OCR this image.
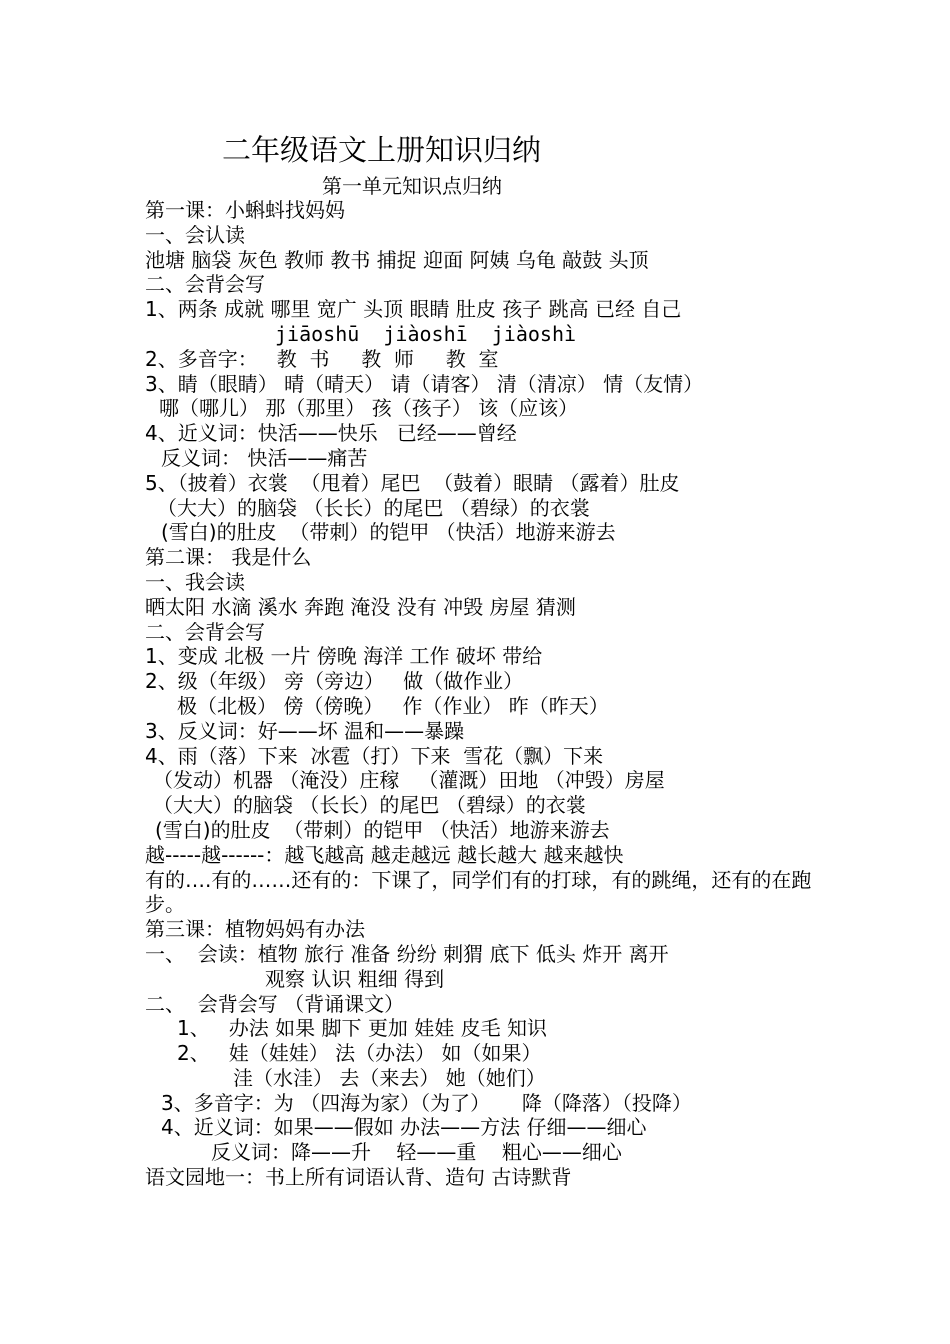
二年级语文上册知识归纳
第一单元知识点归纳
第一课：小蝌蚪找妈妈
一、会认读
池塘 脑袋 灰色 教师 教书 捕捉 迎面 阿姨 乌龟 敲鼓 头顶
二、会背会写
1、两条 成就 哪里 宽广 头顶 眼睛 肚皮 孩子 跳高 已经 自己
jiāoshū  jiàoshī  jiàoshì
2、多音字：   教  书     教  师     教  室
3、睛（眼睛） 晴（晴天） 请（请客） 清（清凉） 情（友情）
哪（哪儿） 那（那里） 孩（孩子） 该（应该）
4、近义词：快活——快乐   已经——曾经
反义词： 快活——痛苦
5、（披着）衣裳  （甩着）尾巴  （鼓着）眼睛 （露着）肚皮
（大大）的脑袋 （长长）的尾巴 （碧绿）的衣裳
(雪白)的肚皮  （带刺）的铠甲 （快活）地游来游去
第二课： 我是什么
一、我会读
晒太阳 水滴 溪水 奔跑 淹没 没有 冲毁 房屋 猜测
二、会背会写
1、变成 北极 一片 傍晚 海洋 工作 破坏 带给
2、级（年级） 旁（旁边）   做（做作业）
极（北极） 傍（傍晚）   作（作业） 昨（昨天）
3、反义词：好——坏 温和——暴躁
4、雨（落）下来  冰雹（打）下来  雪花（飘）下来
（发动）机器 （淹没）庄稼   （灌溉）田地 （冲毁）房屋
（大大）的脑袋 （长长）的尾巴 （碧绿）的衣裳
(雪白)的肚皮  （带刺）的铠甲 （快活）地游来游去
越-----越------：越飞越高 越走越远 越长越大 越来越快
有的….有的……还有的：下课了，同学们有的打球，有的跳绳，还有的在跑步。
第三课：植物妈妈有办法
一、  会读：植物 旅行 准备 纷纷 刺猬 底下 低头 炸开 离开
观察 认识 粗细 得到
二、  会背会写 （背诵课文）
1、   办法 如果 脚下 更加 娃娃 皮毛 知识
2、   娃（娃娃） 法（办法） 如（如果）
洼（水洼） 去（来去） 她（她们）
3、多音字：为 （四海为家）（为了）     降（降落）（投降）
4、近义词：如果——假如 办法——方法 仔细——细心
反义词：降——升    轻——重    粗心——细心
语文园地一：书上所有词语认背、造句 古诗默背
